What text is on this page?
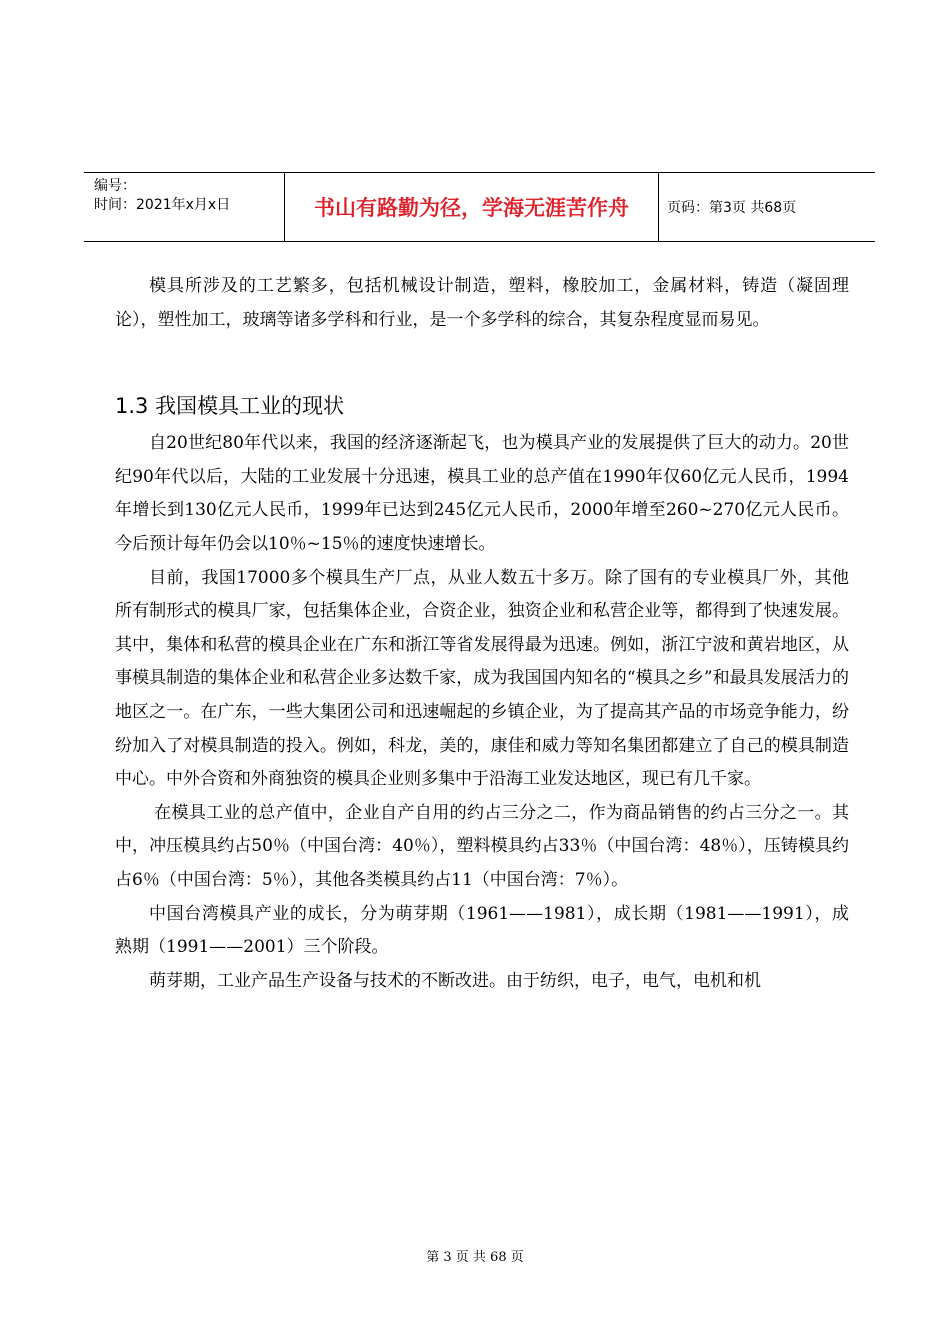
编号：
时间：2021年x月x日	书山有路勤为径，学海无涯苦作舟	页码：第3页 共68页

模具所涉及的工艺繁多，包括机械设计制造，塑料，橡胶加工，金属材料，铸造（凝固理论），塑性加工，玻璃等诸多学科和行业，是一个多学科的综合，其复杂程度显而易见。

1.3 我国模具工业的现状

自20世纪80年代以来，我国的经济逐渐起飞，也为模具产业的发展提供了巨大的动力。20世纪90年代以后，大陆的工业发展十分迅速，模具工业的总产值在1990年仅60亿元人民币，1994年增长到130亿元人民币，1999年已达到245亿元人民币，2000年增至260~270亿元人民币。今后预计每年仍会以10％~15％的速度快速增长。

目前，我国17000多个模具生产厂点，从业人数五十多万。除了国有的专业模具厂外，其他所有制形式的模具厂家，包括集体企业，合资企业，独资企业和私营企业等，都得到了快速发展。其中，集体和私营的模具企业在广东和浙江等省发展得最为迅速。例如，浙江宁波和黄岩地区，从事模具制造的集体企业和私营企业多达数千家，成为我国国内知名的“模具之乡”和最具发展活力的地区之一。在广东，一些大集团公司和迅速崛起的乡镇企业，为了提高其产品的市场竞争能力，纷纷加入了对模具制造的投入。例如，科龙，美的，康佳和威力等知名集团都建立了自己的模具制造中心。中外合资和外商独资的模具企业则多集中于沿海工业发达地区，现已有几千家。

在模具工业的总产值中，企业自产自用的约占三分之二，作为商品销售的约占三分之一。其中，冲压模具约占50％（中国台湾：40％），塑料模具约占33％（中国台湾：48％），压铸模具约占6％（中国台湾：5％），其他各类模具约占11（中国台湾：7％）。

中国台湾模具产业的成长，分为萌芽期（1961——1981），成长期（1981——1991），成熟期（1991——2001）三个阶段。

萌芽期，工业产品生产设备与技术的不断改进。由于纺织，电子，电气，电机和机

第 3 页 共 68 页
